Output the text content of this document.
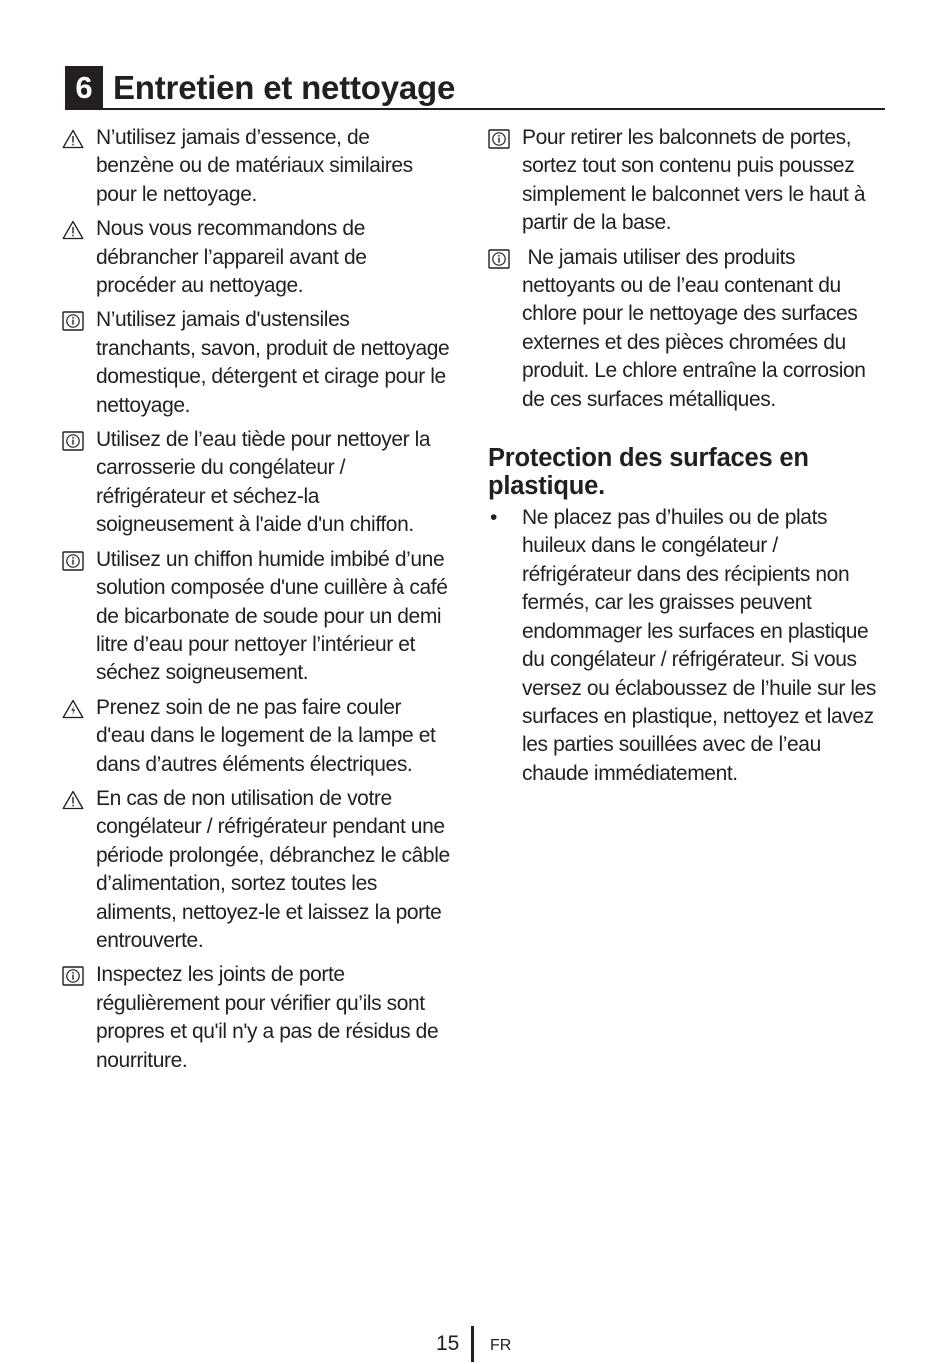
6 Entretien et nettoyage
N’utilisez jamais d’essence, de benzène ou de matériaux similaires pour le nettoyage.
Nous vous recommandons de débrancher l’appareil avant de procéder au nettoyage.
N’utilisez jamais d'ustensiles tranchants, savon, produit de nettoyage domestique, détergent et cirage pour le nettoyage.
Utilisez de l’eau tiède pour nettoyer la carrosserie du congélateur / réfrigérateur et séchez-la soigneusement à l'aide d'un chiffon.
Utilisez un chiffon humide imbibé d’une solution composée d'une cuillère à café de bicarbonate de soude pour un demi litre d’eau pour nettoyer l’intérieur et séchez soigneusement.
Prenez soin de ne pas faire couler d'eau dans le logement de la lampe et dans d’autres éléments électriques.
En cas de non utilisation de votre congélateur / réfrigérateur pendant une période prolongée, débranchez le câble d’alimentation, sortez toutes les aliments, nettoyez-le et laissez la porte entrouverte.
Inspectez les joints de porte régulièrement pour vérifier qu’ils sont propres et qu'il n'y a pas de résidus de nourriture.
Pour retirer les balconnets de portes, sortez tout son contenu puis poussez simplement le balconnet vers le haut à partir de la base.
Ne jamais utiliser des produits nettoyants ou de l’eau contenant du chlore pour le nettoyage des surfaces externes et des pièces chromées du produit. Le chlore entraîne la corrosion de ces surfaces métalliques.
Protection des surfaces en plastique.
• Ne placez pas d’huiles ou de plats huileux dans le congélateur / réfrigérateur dans des récipients non fermés, car les graisses peuvent endommager les surfaces en plastique du congélateur / réfrigérateur. Si vous versez ou éclaboussez de l’huile sur les surfaces en plastique, nettoyez et lavez les parties souillées avec de l’eau chaude immédiatement.
15 FR
